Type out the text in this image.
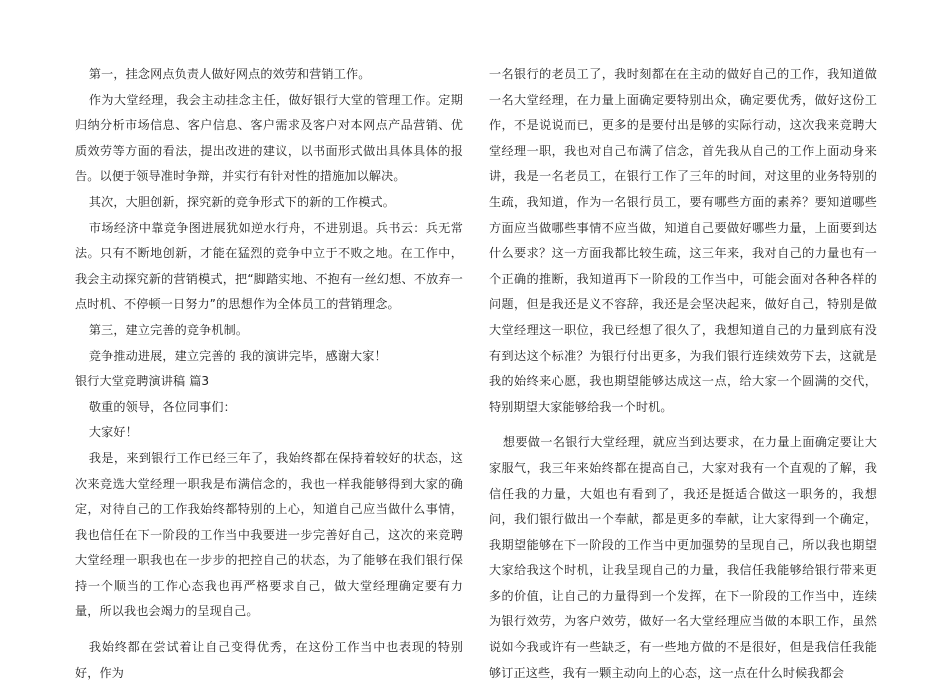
第一，挂念网点负责人做好网点的效劳和营销工作。

作为大堂经理，我会主动挂念主任，做好银行大堂的管理工作。定期归纳分析市场信息、客户信息、客户需求及客户对本网点产品营销、优质效劳等方面的看法，提出改进的建议，以书面形式做出具体具体的报告。以便于领导准时争辩，并实行有针对性的措施加以解决。

其次，大胆创新，探究新的竞争形式下的新的工作模式。

市场经济中靠竞争图进展犹如逆水行舟，不进别退。兵书云：兵无常法。只有不断地创新，才能在猛烈的竞争中立于不败之地。在工作中，我会主动探究新的营销模式，把“脚踏实地、不抱有一丝幻想、不放弃一点时机、不停顿一日努力”的思想作为全体员工的营销理念。

第三，建立完善的竞争机制。

竞争推动进展，建立完善的 我的演讲完毕，感谢大家！

银行大堂竞聘演讲稿 篇3

敬重的领导，各位同事们：

大家好！

我是，来到银行工作已经三年了，我始终都在保持着较好的状态，这次来竞选大堂经理一职我是布满信念的，我也一样我能够得到大家的确定，对待自己的工作我始终都特别的上心，知道自己应当做什么事情，我也信任在下一阶段的工作当中我要进一步完善好自己，这次的来竞聘大堂经理一职我也在一步步的把控自己的状态，为了能够在我们银行保持一个顺当的工作心态我也再严格要求自己，做大堂经理确定要有力量，所以我也会竭力的呈现自己。

我始终都在尝试着让自己变得优秀，在这份工作当中也表现的特别好，作为

一名银行的老员工了，我时刻都在在主动的做好自己的工作，我知道做一名大堂经理，在力量上面确定要特别出众，确定要优秀，做好这份工作，不是说说而已，更多的是要付出是够的实际行动，这次我来竞聘大堂经理一职，我也对自己布满了信念，首先我从自己的工作上面动身来讲，我是一名老员工，在银行工作了三年的时间，对这里的业务特别的生疏，我知道，作为一名银行员工，要有哪些方面的素养？要知道哪些方面应当做哪些事情不应当做，知道自己要做好哪些力量，上面要到达什么要求？这一方面我都比较生疏，这三年来，我对自己的力量也有一个正确的推断，我知道再下一阶段的工作当中，可能会面对各种各样的问题，但是我还是义不容辞，我还是会坚决起来，做好自己，特别是做大堂经理这一职位，我已经想了很久了，我想知道自己的力量到底有没有到达这个标准？为银行付出更多，为我们银行连续效劳下去，这就是我的始终来心愿，我也期望能够达成这一点，给大家一个圆满的交代，特别期望大家能够给我一个时机。

想要做一名银行大堂经理，就应当到达要求，在力量上面确定要让大家服气，我三年来始终都在提高自己，大家对我有一个直观的了解，我信任我的力量，大姐也有看到了，我还是挺适合做这一职务的，我想问，我们银行做出一个奉献，都是更多的奉献，让大家得到一个确定，我期望能够在下一阶段的工作当中更加强势的呈现自己，所以我也期望大家给我这个时机，让我呈现自己的力量，我信任我能够给银行带来更多的价值，让自己的力量得到一个发挥，在下一阶段的工作当中，连续为银行效劳，为客户效劳，做好一名大堂经理应当做的本职工作，虽然说如今我或许有一些缺乏，有一些地方做的不是很好，但是我信任我能够订正这些，我有一颗主动向上的心态，这一点在什么时候我都会
